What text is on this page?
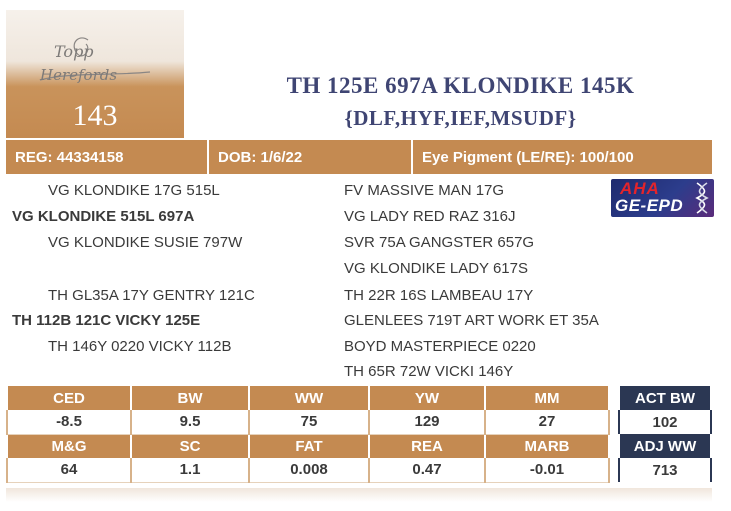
Topp
Herefords
143
TH 125E 697A KLONDIKE 145K
{DLF,HYF,IEF,MSUDF}
REG: 44334158	DOB: 1/6/22	Eye Pigment (LE/RE): 100/100
VG KLONDIKE 17G 515L
VG KLONDIKE 515L 697A
VG KLONDIKE SUSIE 797W
TH GL35A 17Y GENTRY 121C
TH 112B 121C VICKY 125E
TH 146Y 0220 VICKY 112B
FV MASSIVE MAN 17G
VG LADY RED RAZ 316J
SVR 75A GANGSTER 657G
VG KLONDIKE LADY 617S
TH 22R 16S LAMBEAU 17Y
GLENLEES 719T ART WORK ET 35A
BOYD MASTERPIECE 0220
TH 65R 72W VICKI 146Y
AHA
GE-EPD
CED	BW	WW	YW	MM
-8.5	9.5	75	129	27
M&G	SC	FAT	REA	MARB
64	1.1	0.008	0.47	-0.01
ACT BW
102
ADJ WW
713
